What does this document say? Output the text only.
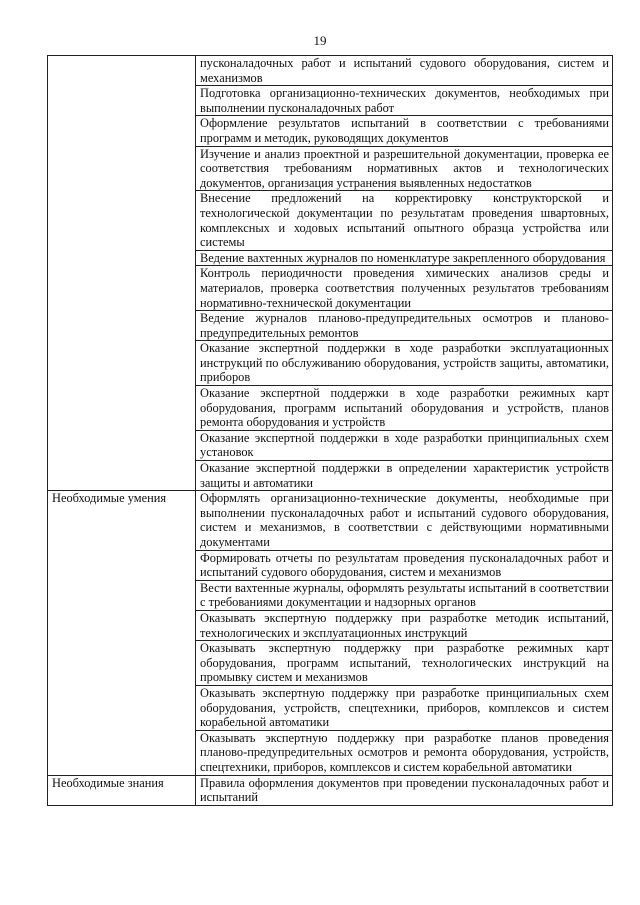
19
	пусконаладочных работ и испытаний судового оборудования, систем и механизмов
	Подготовка организационно-технических документов, необходимых при выполнении пусконаладочных работ
	Оформление результатов испытаний в соответствии с требованиями программ и методик, руководящих документов
	Изучение и анализ проектной и разрешительной документации, проверка ее соответствия требованиям нормативных актов и технологических документов, организация устранения выявленных недостатков
	Внесение предложений на корректировку конструкторской и технологической документации по результатам проведения швартовных, комплексных и ходовых испытаний опытного образца устройства или системы
	Ведение вахтенных журналов по номенклатуре закрепленного оборудования
	Контроль периодичности проведения химических анализов среды и материалов, проверка соответствия полученных результатов требованиям нормативно-технической документации
	Ведение журналов планово-предупредительных осмотров и планово-предупредительных ремонтов
	Оказание экспертной поддержки в ходе разработки эксплуатационных инструкций по обслуживанию оборудования, устройств защиты, автоматики, приборов
	Оказание экспертной поддержки в ходе разработки режимных карт оборудования, программ испытаний оборудования и устройств, планов ремонта оборудования и устройств
	Оказание экспертной поддержки в ходе разработки принципиальных схем установок
	Оказание экспертной поддержки в определении характеристик устройств защиты и автоматики
Необходимые умения	Оформлять организационно-технические документы, необходимые при выполнении пусконаладочных работ и испытаний судового оборудования, систем и механизмов, в соответствии с действующими нормативными документами
	Формировать отчеты по результатам проведения пусконаладочных работ и испытаний судового оборудования, систем и механизмов
	Вести вахтенные журналы, оформлять результаты испытаний в соответствии с требованиями документации и надзорных органов
	Оказывать экспертную поддержку при разработке методик испытаний, технологических и эксплуатационных инструкций
	Оказывать экспертную поддержку при разработке режимных карт оборудования, программ испытаний, технологических инструкций на промывку систем и механизмов
	Оказывать экспертную поддержку при разработке принципиальных схем оборудования, устройств, спецтехники, приборов, комплексов и систем корабельной автоматики
	Оказывать экспертную поддержку при разработке планов проведения планово-предупредительных осмотров и ремонта оборудования, устройств, спецтехники, приборов, комплексов и систем корабельной автоматики
Необходимые знания	Правила оформления документов при проведении пусконаладочных работ и испытаний
